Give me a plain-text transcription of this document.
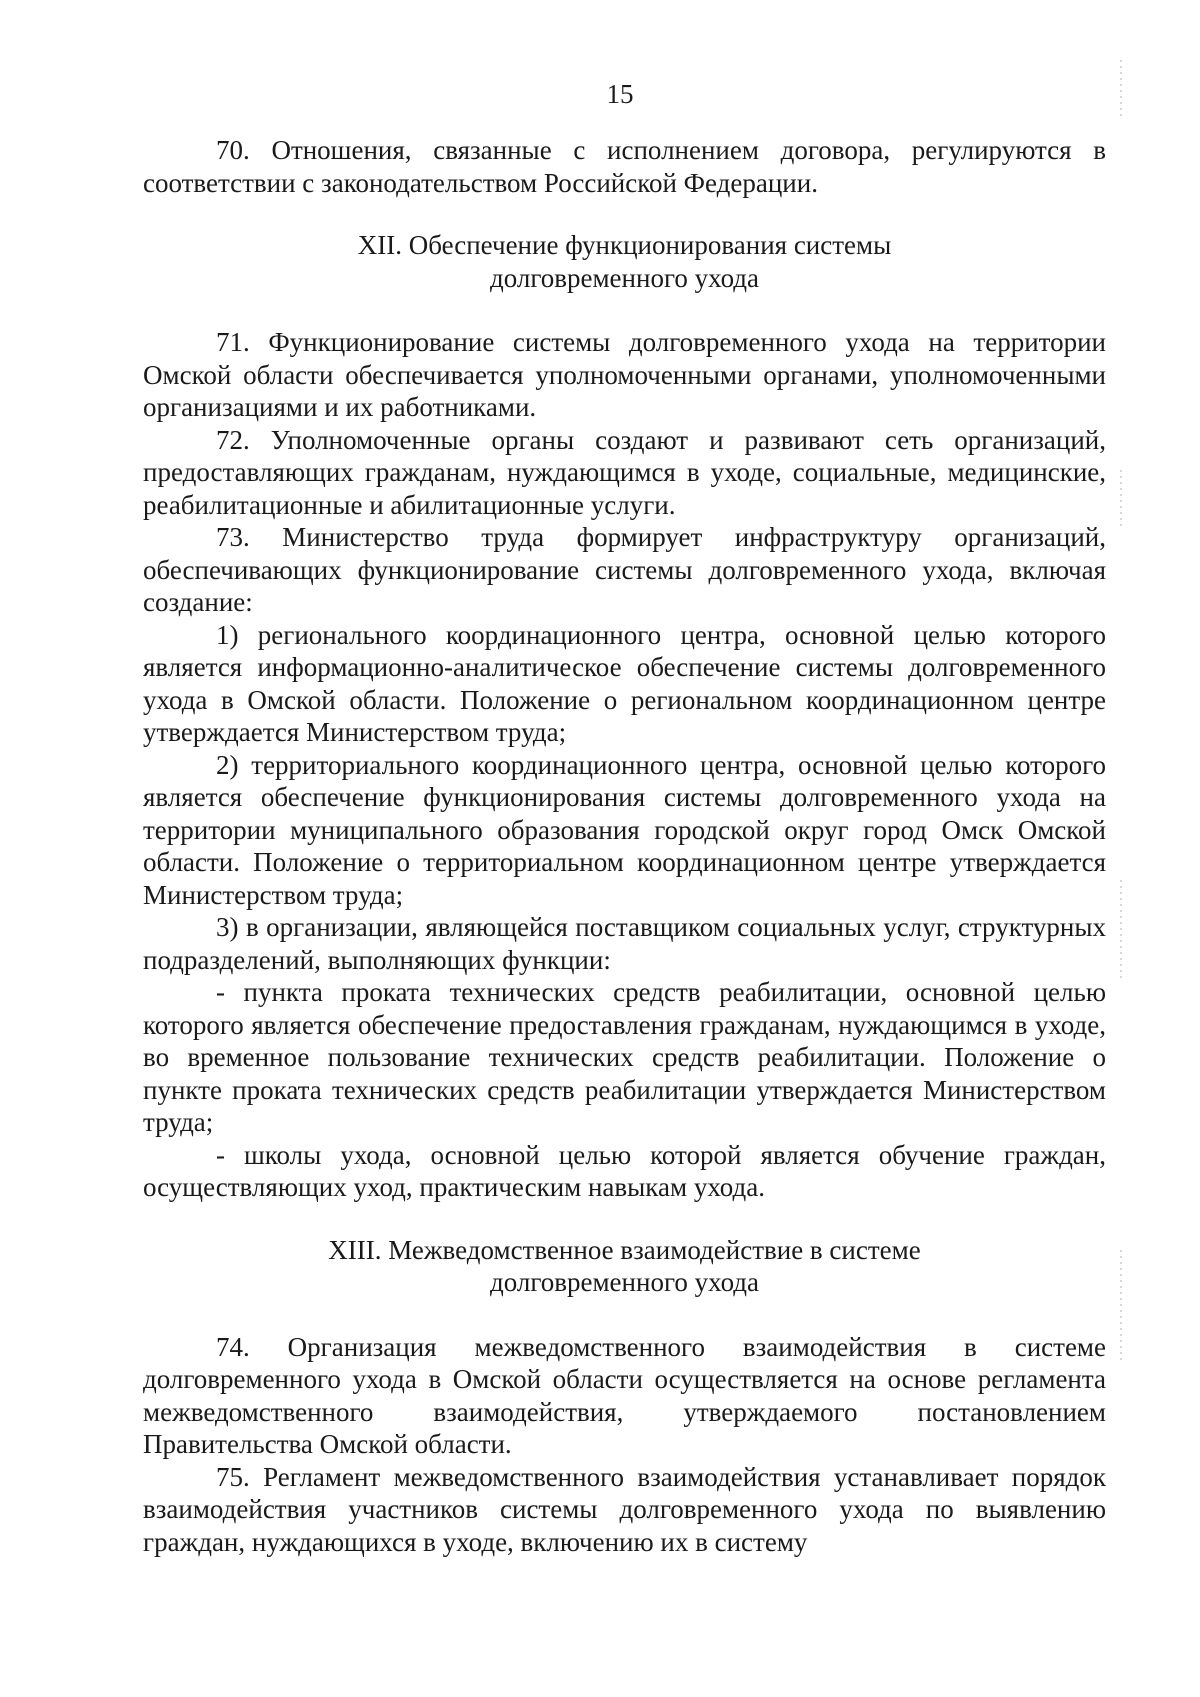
15

70. Отношения, связанные с исполнением договора, регулируются в соответствии с законодательством Российской Федерации.

XII. Обеспечение функционирования системы
долговременного ухода

71. Функционирование системы долговременного ухода на территории Омской области обеспечивается уполномоченными органами, уполномоченными организациями и их работниками.

72. Уполномоченные органы создают и развивают сеть организаций, предоставляющих гражданам, нуждающимся в уходе, социальные, медицинские, реабилитационные и абилитационные услуги.

73. Министерство труда формирует инфраструктуру организаций, обеспечивающих функционирование системы долговременного ухода, включая создание:

1) регионального координационного центра, основной целью которого является информационно-аналитическое обеспечение системы долговременного ухода в Омской области. Положение о региональном координационном центре утверждается Министерством труда;

2) территориального координационного центра, основной целью которого является обеспечение функционирования системы долговременного ухода на территории муниципального образования городской округ город Омск Омской области. Положение о территориальном координационном центре утверждается Министерством труда;

3) в организации, являющейся поставщиком социальных услуг, структурных подразделений, выполняющих функции:

- пункта проката технических средств реабилитации, основной целью которого является обеспечение предоставления гражданам, нуждающимся в уходе, во временное пользование технических средств реабилитации. Положение о пункте проката технических средств реабилитации утверждается Министерством труда;

- школы ухода, основной целью которой является обучение граждан, осуществляющих уход, практическим навыкам ухода.

XIII. Межведомственное взаимодействие в системе
долговременного ухода

74. Организация межведомственного взаимодействия в системе долговременного ухода в Омской области осуществляется на основе регламента межведомственного взаимодействия, утверждаемого постановлением Правительства Омской области.

75. Регламент межведомственного взаимодействия устанавливает порядок взаимодействия участников системы долговременного ухода по выявлению граждан, нуждающихся в уходе, включению их в систему
